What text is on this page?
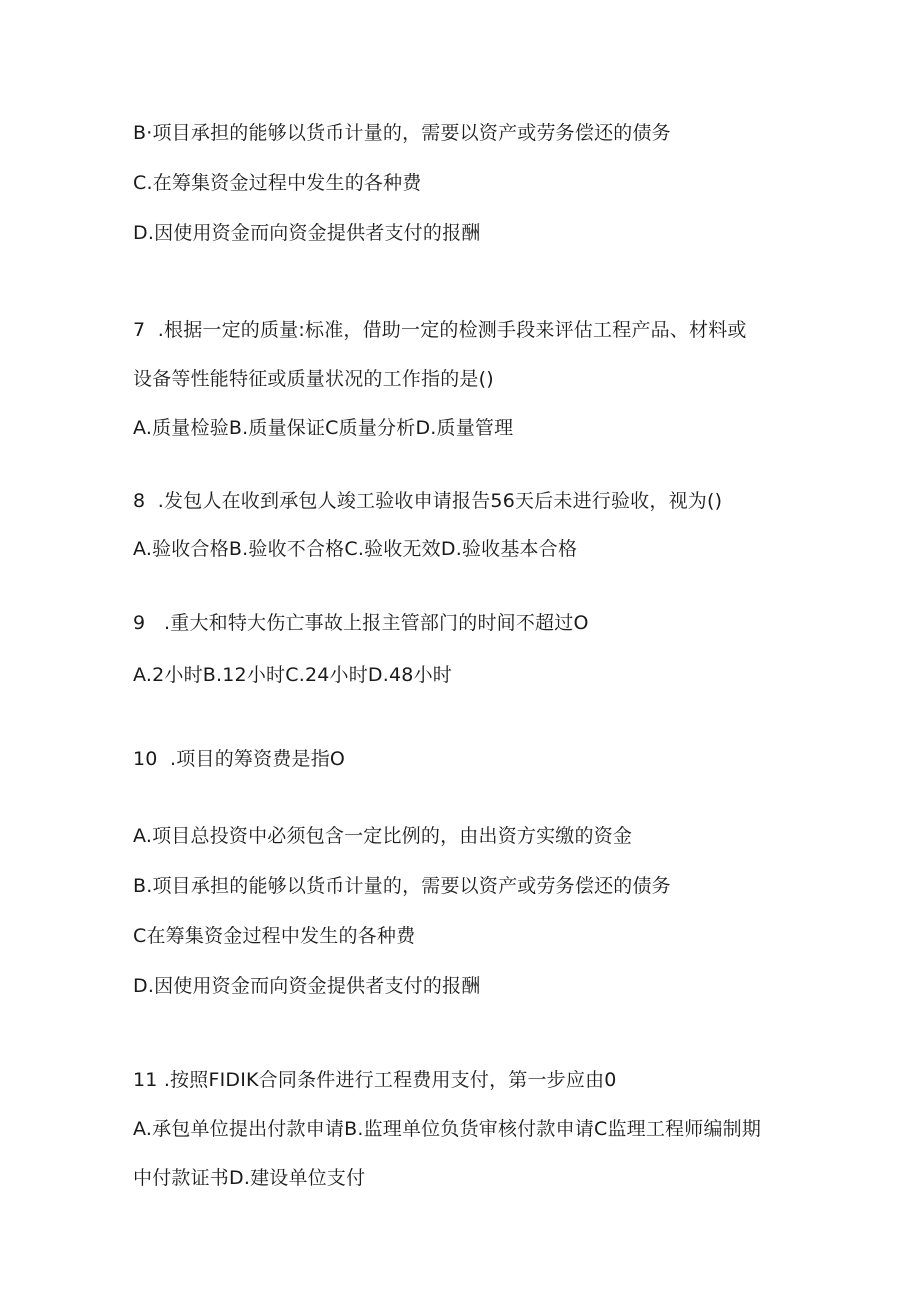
B·项目承担的能够以货币计量的，需要以资产或劳务偿还的债务
C.在筹集资金过程中发生的各种费
D.因使用资金而向资金提供者支付的报酬
7  .根据一定的质量:标准，借助一定的检测手段来评估工程产品、材料或
设备等性能特征或质量状况的工作指的是()
A.质量检验B.质量保证C质量分析D.质量管理
8  .发包人在收到承包人竣工验收申请报告56天后未进行验收，视为()
A.验收合格B.验收不合格C.验收无效D.验收基本合格
9   .重大和特大伤亡事故上报主管部门的时间不超过O
A.2小时B.12小时C.24小时D.48小时
10  .项目的筹资费是指O
A.项目总投资中必须包含一定比例的，由出资方实缴的资金
B.项目承担的能够以货币计量的，需要以资产或劳务偿还的债务
C在筹集资金过程中发生的各种费
D.因使用资金而向资金提供者支付的报酬
11 .按照FIDIK合同条件进行工程费用支付，第一步应由0
A.承包单位提出付款申请B.监理单位负货审核付款申请C监理工程师编制期
中付款证书D.建设单位支付
